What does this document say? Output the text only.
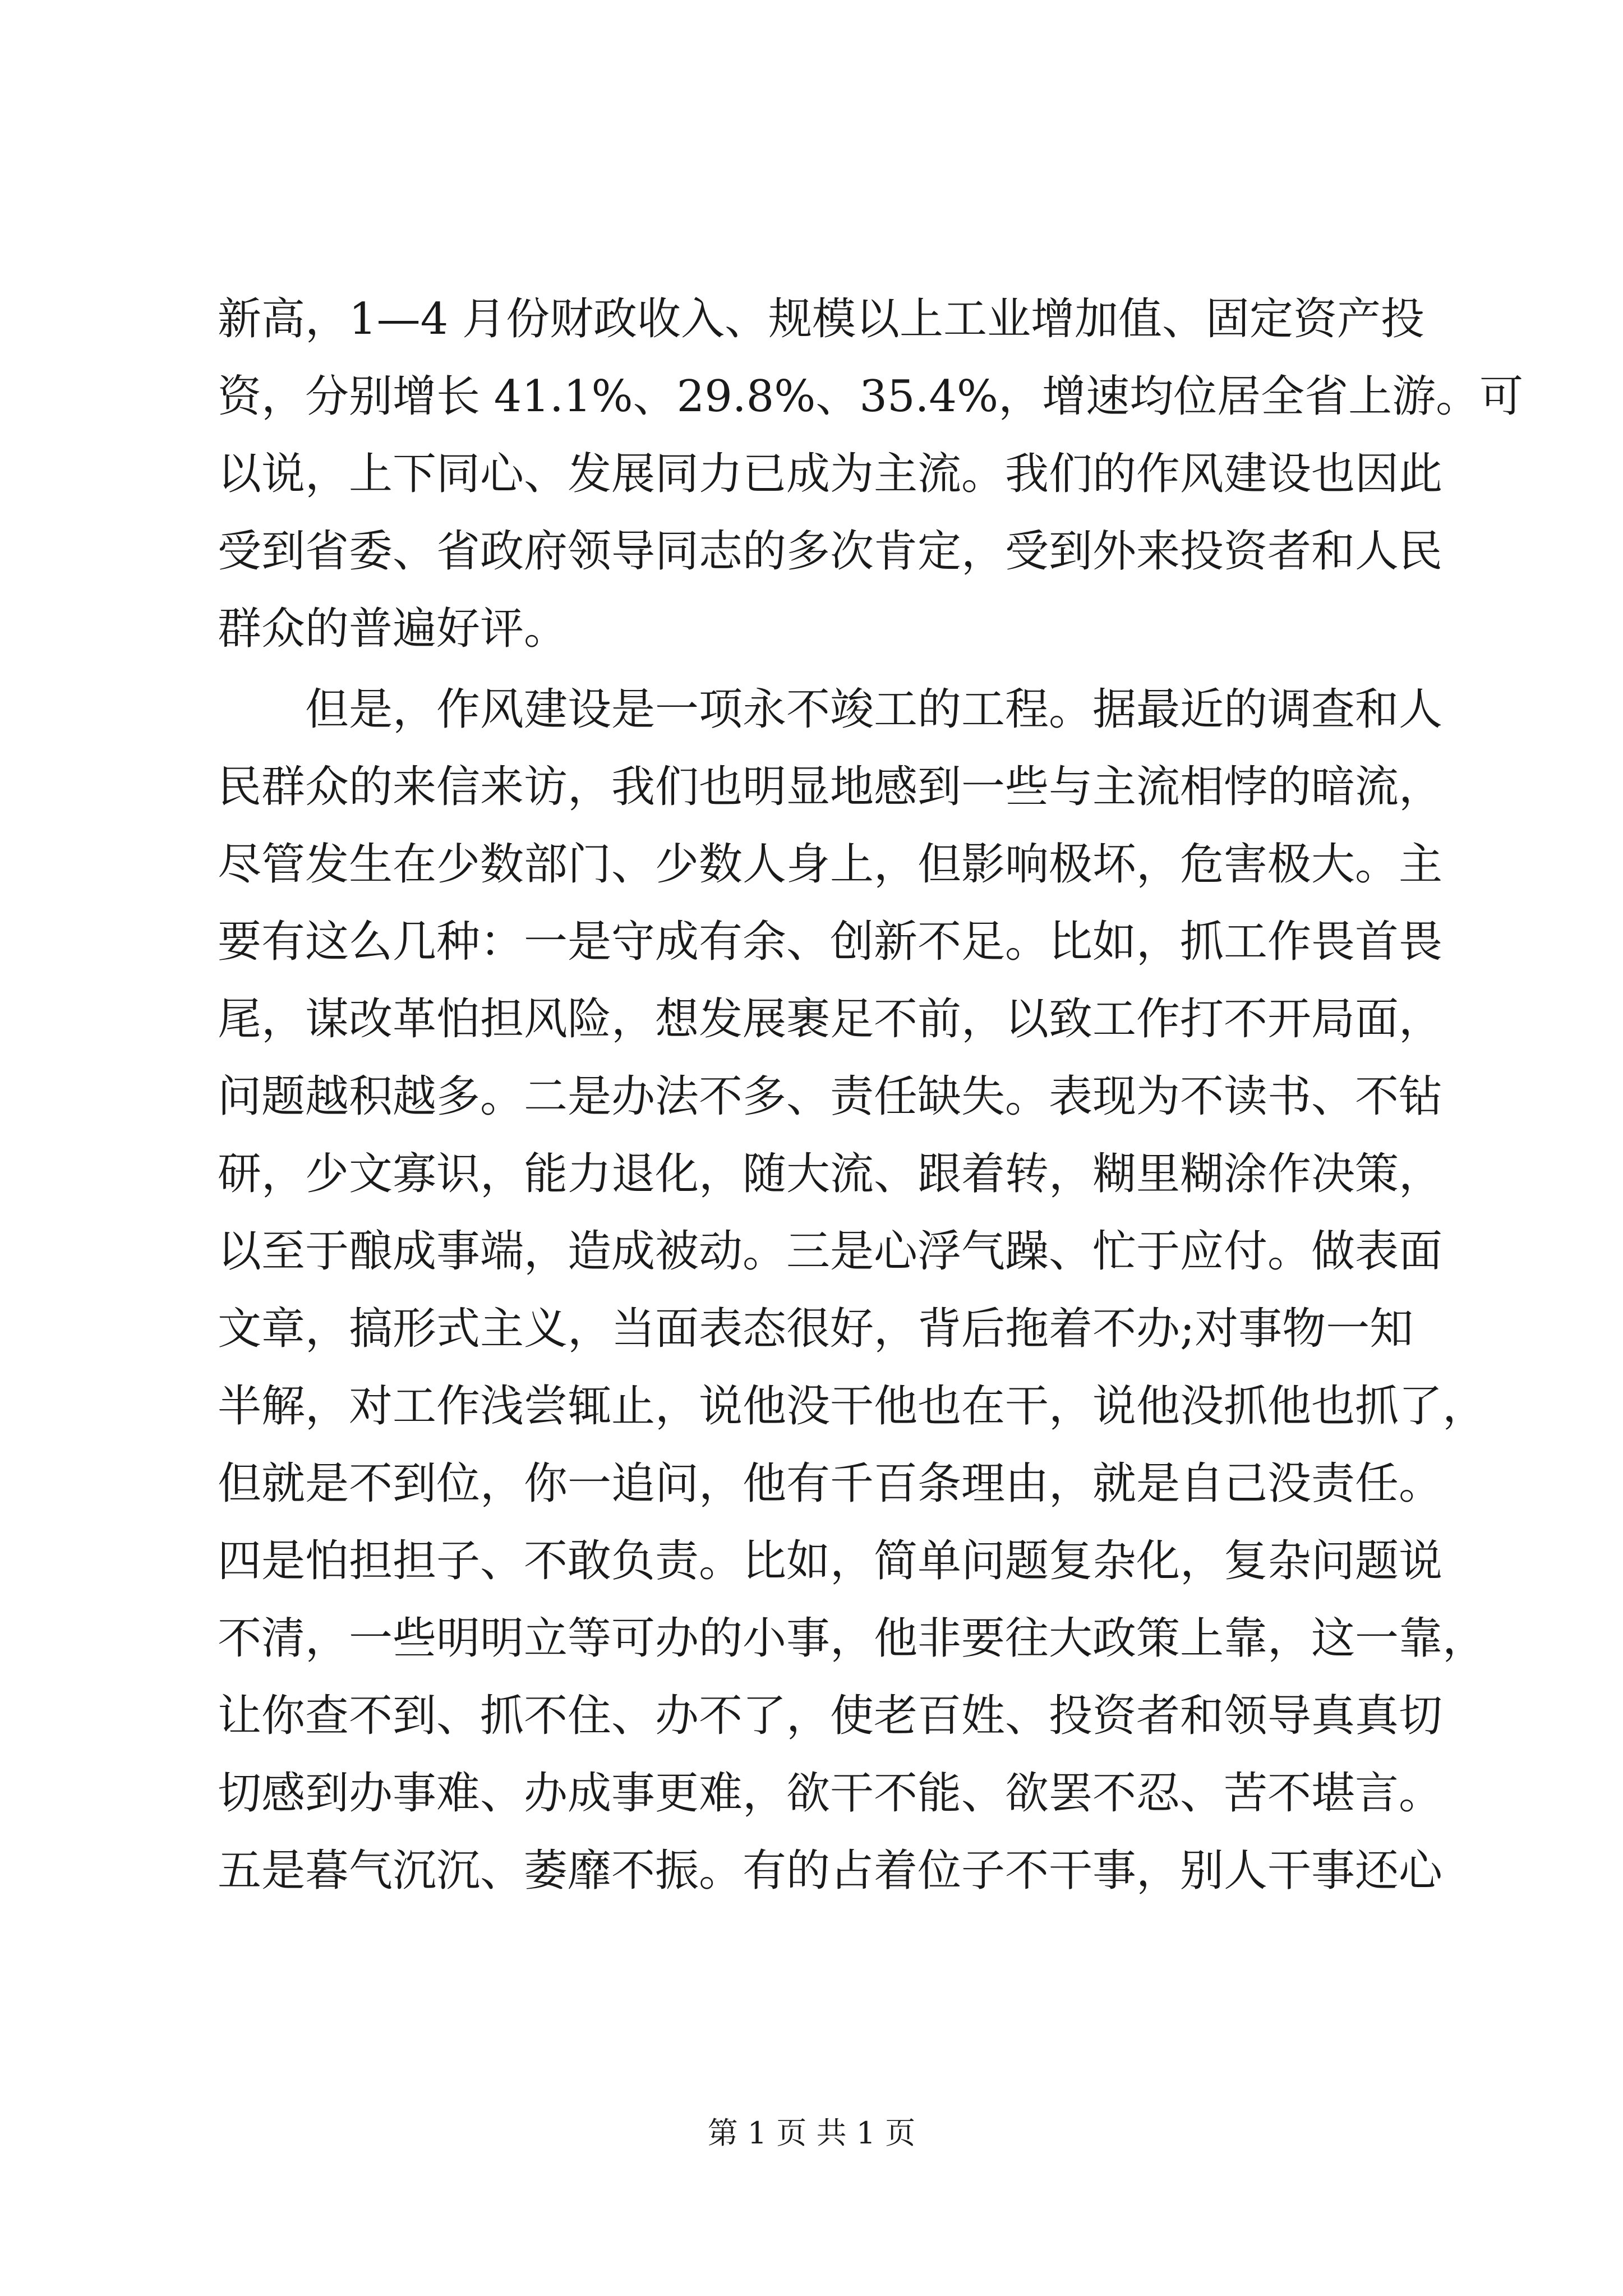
新高，1—4 月份财政收入、规模以上工业增加值、固定资产投
资，分别增长 41.1%、29.8%、35.4%，增速均位居全省上游。可
以说，上下同心、发展同力已成为主流。我们的作风建设也因此
受到省委、省政府领导同志的多次肯定，受到外来投资者和人民
群众的普遍好评。
　　但是，作风建设是一项永不竣工的工程。据最近的调查和人
民群众的来信来访，我们也明显地感到一些与主流相悖的暗流，
尽管发生在少数部门、少数人身上，但影响极坏，危害极大。主
要有这么几种：一是守成有余、创新不足。比如，抓工作畏首畏
尾，谋改革怕担风险，想发展裹足不前，以致工作打不开局面，
问题越积越多。二是办法不多、责任缺失。表现为不读书、不钻
研，少文寡识，能力退化，随大流、跟着转，糊里糊涂作决策，
以至于酿成事端，造成被动。三是心浮气躁、忙于应付。做表面
文章，搞形式主义，当面表态很好，背后拖着不办;对事物一知
半解，对工作浅尝辄止，说他没干他也在干，说他没抓他也抓了，
但就是不到位，你一追问，他有千百条理由，就是自己没责任。
四是怕担担子、不敢负责。比如，简单问题复杂化，复杂问题说
不清，一些明明立等可办的小事，他非要往大政策上靠，这一靠，
让你查不到、抓不住、办不了，使老百姓、投资者和领导真真切
切感到办事难、办成事更难，欲干不能、欲罢不忍、苦不堪言。
五是暮气沉沉、萎靡不振。有的占着位子不干事，别人干事还心
第 1 页 共 1 页
